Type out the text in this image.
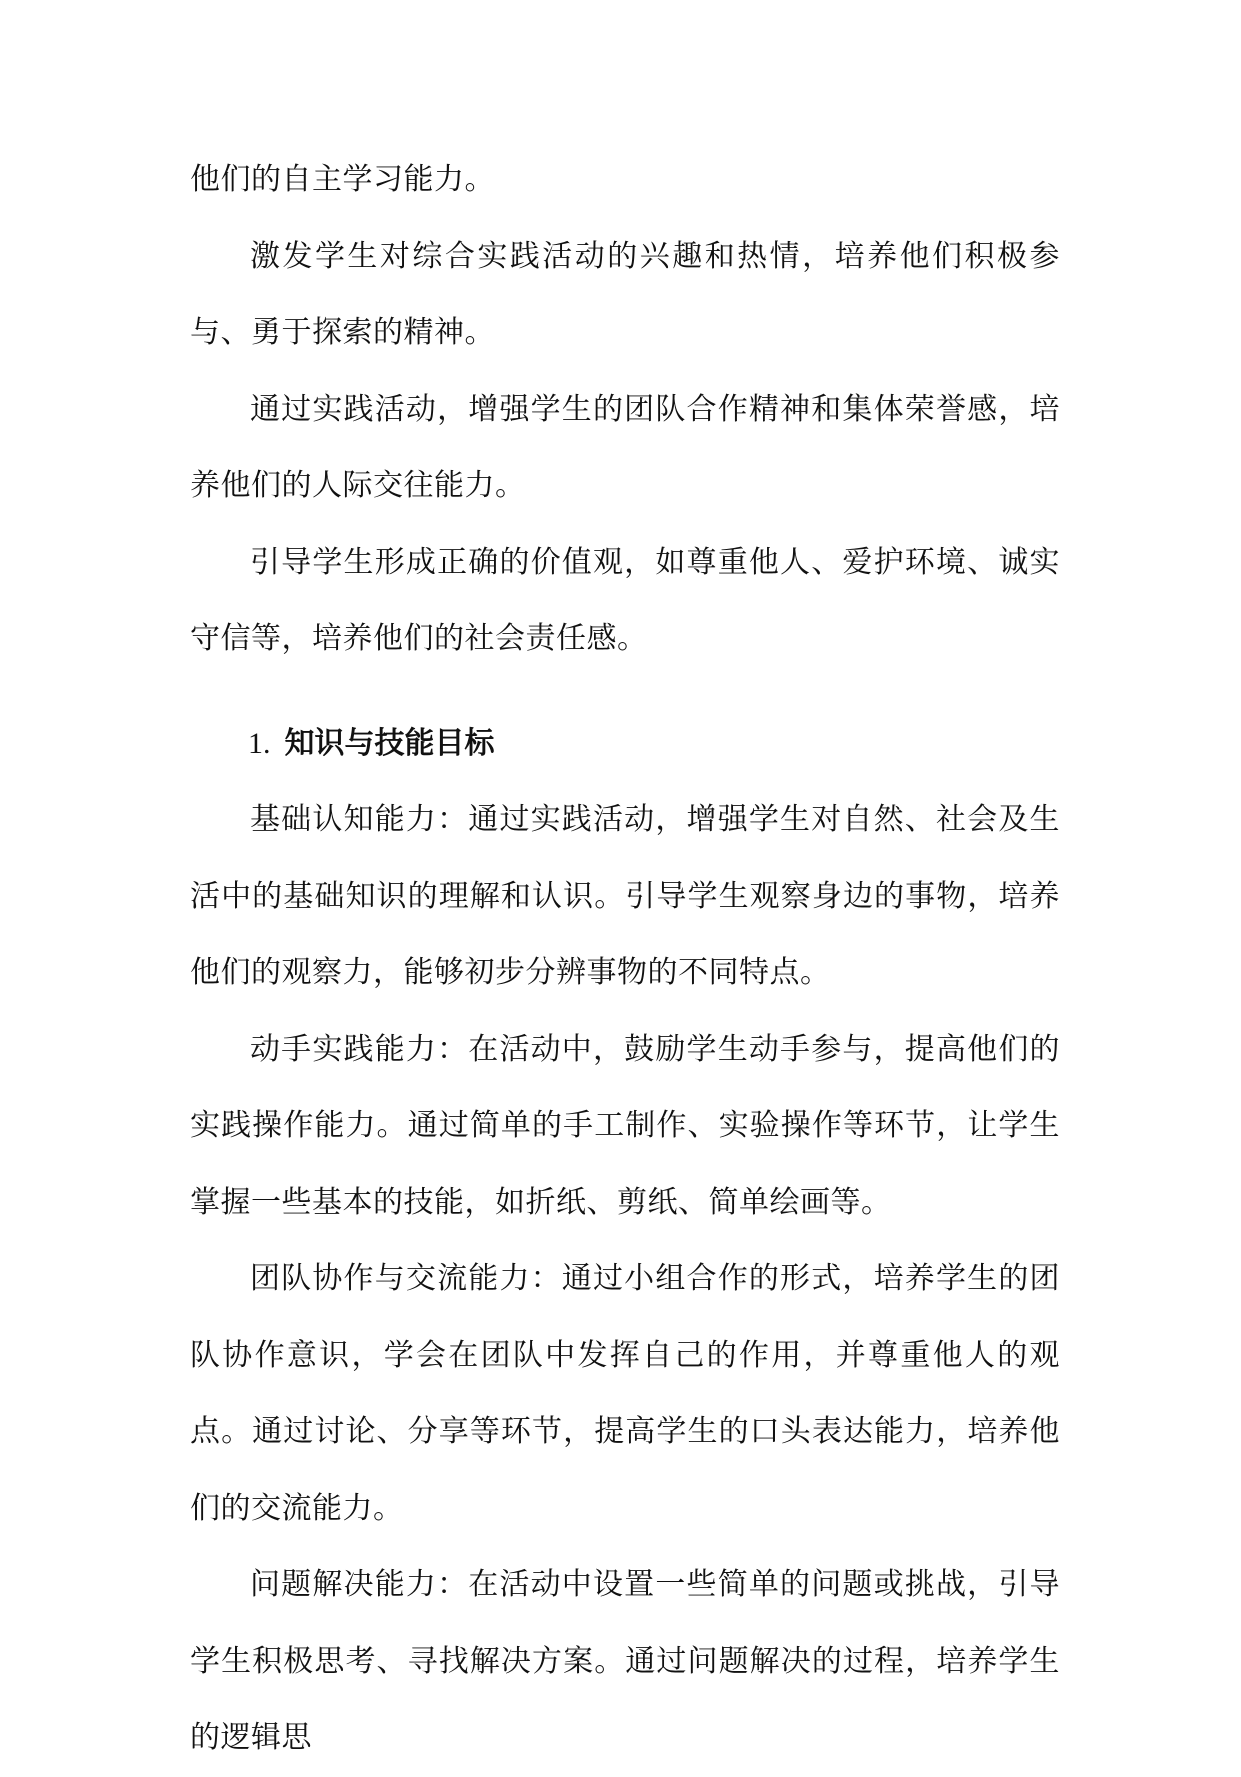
他们的自主学习能力。

激发学生对综合实践活动的兴趣和热情，培养他们积极参与、勇于探索的精神。

通过实践活动，增强学生的团队合作精神和集体荣誉感，培养他们的人际交往能力。

引导学生形成正确的价值观，如尊重他人、爱护环境、诚实守信等，培养他们的社会责任感。

1. 知识与技能目标

基础认知能力：通过实践活动，增强学生对自然、社会及生活中的基础知识的理解和认识。引导学生观察身边的事物，培养他们的观察力，能够初步分辨事物的不同特点。

动手实践能力：在活动中，鼓励学生动手参与，提高他们的实践操作能力。通过简单的手工制作、实验操作等环节，让学生掌握一些基本的技能，如折纸、剪纸、简单绘画等。

团队协作与交流能力：通过小组合作的形式，培养学生的团队协作意识，学会在团队中发挥自己的作用，并尊重他人的观点。通过讨论、分享等环节，提高学生的口头表达能力，培养他们的交流能力。

问题解决能力：在活动中设置一些简单的问题或挑战，引导学生积极思考、寻找解决方案。通过问题解决的过程，培养学生的逻辑思
